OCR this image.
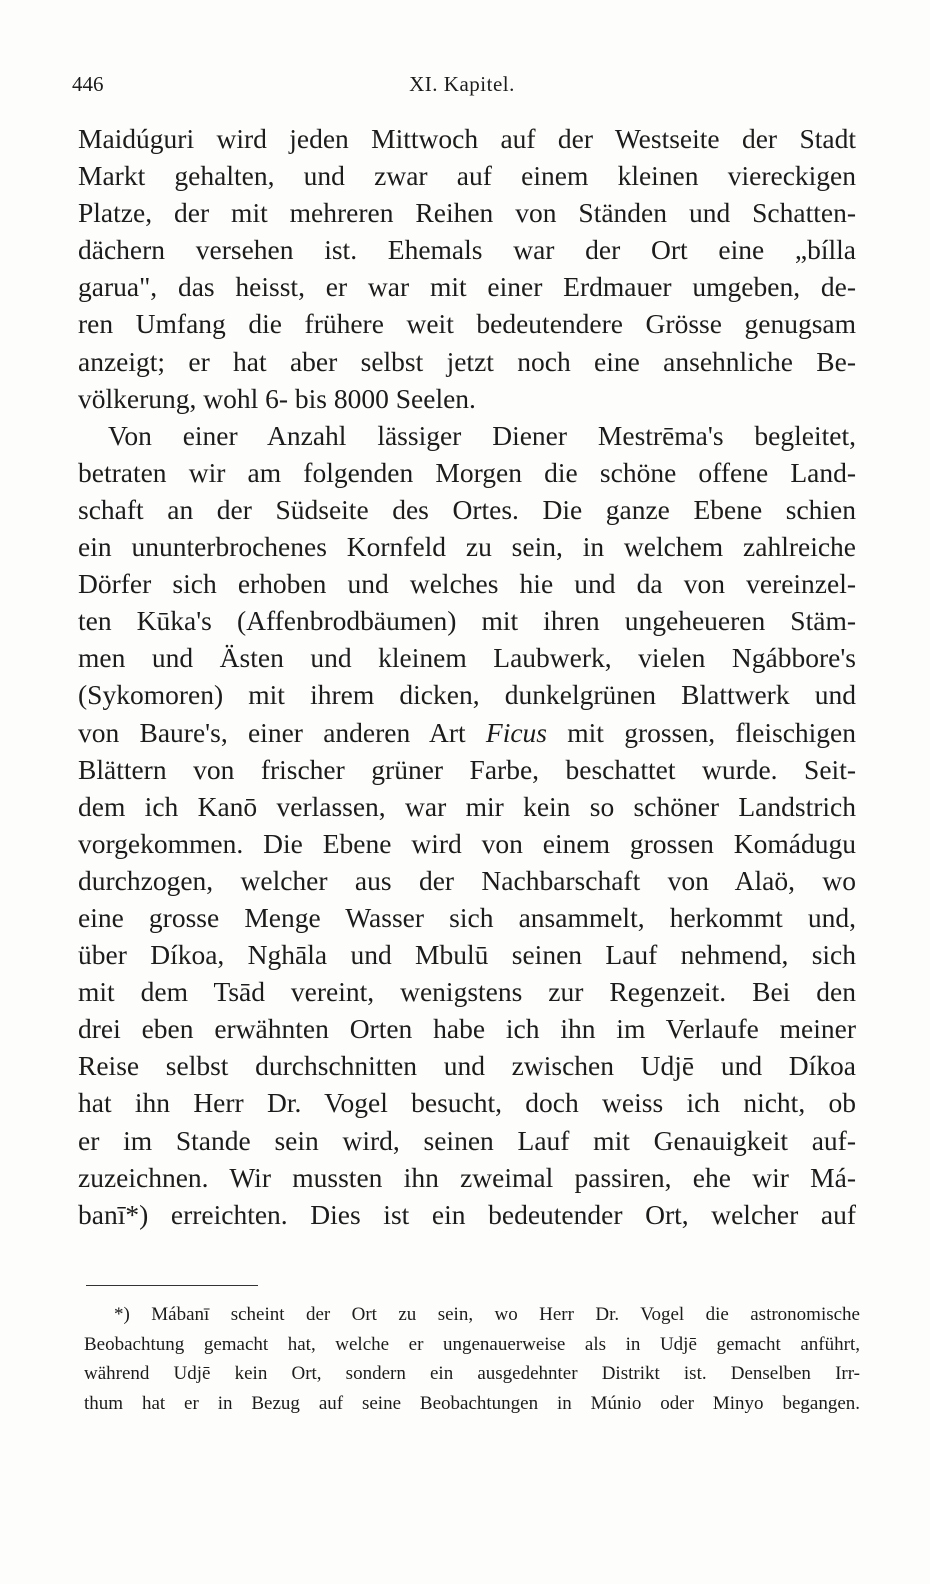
446	XI. Kapitel.
Maidúguri wird jeden Mittwoch auf der Westseite der Stadt
Markt gehalten, und zwar auf einem kleinen viereckigen
Platze, der mit mehreren Reihen von Ständen und Schatten-
dächern versehen ist. Ehemals war der Ort eine „bílla
garua", das heisst, er war mit einer Erdmauer umgeben, de-
ren Umfang die frühere weit bedeutendere Grösse genugsam
anzeigt; er hat aber selbst jetzt noch eine ansehnliche Be-
völkerung, wohl 6- bis 8000 Seelen.
Von einer Anzahl lässiger Diener Mestrēma's begleitet,
betraten wir am folgenden Morgen die schöne offene Land-
schaft an der Südseite des Ortes. Die ganze Ebene schien
ein ununterbrochenes Kornfeld zu sein, in welchem zahlreiche
Dörfer sich erhoben und welches hie und da von vereinzel-
ten Kūka's (Affenbrodbäumen) mit ihren ungeheueren Stäm-
men und Ästen und kleinem Laubwerk, vielen Ngábbore's
(Sykomoren) mit ihrem dicken, dunkelgrünen Blattwerk und
von Baure's, einer anderen Art Ficus mit grossen, fleischigen
Blättern von frischer grüner Farbe, beschattet wurde. Seit-
dem ich Kanō verlassen, war mir kein so schöner Landstrich
vorgekommen. Die Ebene wird von einem grossen Komádugu
durchzogen, welcher aus der Nachbarschaft von Alaö, wo
eine grosse Menge Wasser sich ansammelt, herkommt und,
über Díkoa, Nghāla und Mbulū seinen Lauf nehmend, sich
mit dem Tsād vereint, wenigstens zur Regenzeit. Bei den
drei eben erwähnten Orten habe ich ihn im Verlaufe meiner
Reise selbst durchschnitten und zwischen Udjē und Díkoa
hat ihn Herr Dr. Vogel besucht, doch weiss ich nicht, ob
er im Stande sein wird, seinen Lauf mit Genauigkeit auf-
zuzeichnen. Wir mussten ihn zweimal passiren, ehe wir Má-
banī*) erreichten. Dies ist ein bedeutender Ort, welcher auf
*) Mábanī scheint der Ort zu sein, wo Herr Dr. Vogel die astronomische
Beobachtung gemacht hat, welche er ungenauerweise als in Udjē gemacht anführt,
während Udjē kein Ort, sondern ein ausgedehnter Distrikt ist. Denselben Irr-
thum hat er in Bezug auf seine Beobachtungen in Múnio oder Minyo begangen.
